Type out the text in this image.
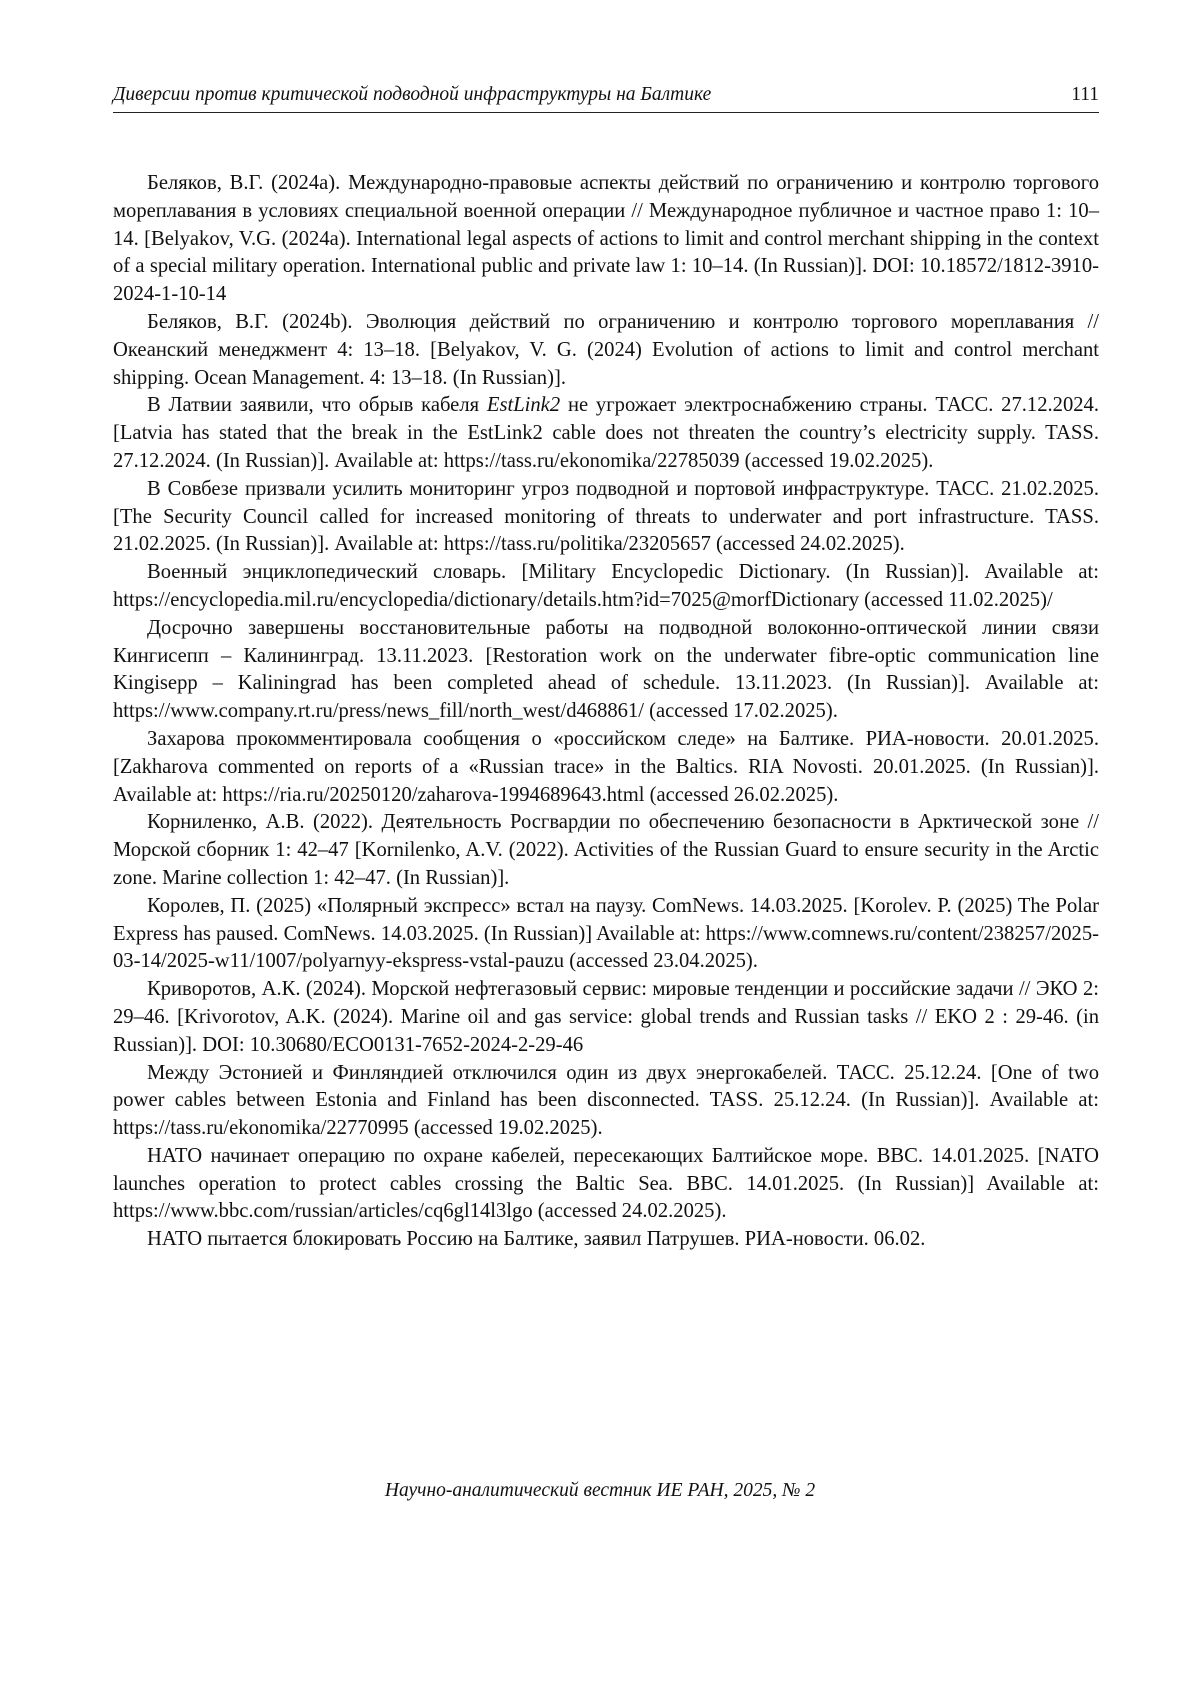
Диверсии против критической подводной инфраструктуры на Балтике	111

Беляков, В.Г. (2024a). Международно-правовые аспекты действий по ограничению и контролю торгового мореплавания в условиях специальной военной операции // Международное публичное и частное право 1: 10–14. [Belyakov, V.G. (2024a). International legal aspects of actions to limit and control merchant shipping in the context of a special military operation. International public and private law 1: 10–14. (In Russian)]. DOI: 10.18572/1812-3910-2024-1-10-14

Беляков, В.Г. (2024b). Эволюция действий по ограничению и контролю торгового мореплавания // Океанский менеджмент 4: 13–18. [Belyakov, V. G. (2024) Evolution of actions to limit and control merchant shipping. Ocean Management. 4: 13–18. (In Russian)].

В Латвии заявили, что обрыв кабеля EstLink2 не угрожает электроснабжению страны. ТАСС. 27.12.2024. [Latvia has stated that the break in the EstLink2 cable does not threaten the country’s electricity supply. TASS. 27.12.2024. (In Russian)]. Available at: https://tass.ru/ekonomika/22785039 (accessed 19.02.2025).

В Совбезе призвали усилить мониторинг угроз подводной и портовой инфраструктуре. ТАСС. 21.02.2025. [The Security Council called for increased monitoring of threats to underwater and port infrastructure. TASS. 21.02.2025. (In Russian)]. Available at: https://tass.ru/politika/23205657 (accessed 24.02.2025).

Военный энциклопедический словарь. [Military Encyclopedic Dictionary. (In Russian)]. Available at: https://encyclopedia.mil.ru/encyclopedia/dictionary/details.htm?id=7025@morfDictionary (accessed 11.02.2025)/

Досрочно завершены восстановительные работы на подводной волоконно-оптической линии связи Кингисепп – Калининград. 13.11.2023. [Restoration work on the underwater fibre-optic communication line Kingisepp – Kaliningrad has been completed ahead of schedule. 13.11.2023. (In Russian)]. Available at: https://www.company.rt.ru/press/news_fill/north_west/d468861/ (accessed 17.02.2025).

Захарова прокомментировала сообщения о «российском следе» на Балтике. РИА-новости. 20.01.2025. [Zakharova commented on reports of a «Russian trace» in the Baltics. RIA Novosti. 20.01.2025. (In Russian)]. Available at: https://ria.ru/20250120/zaharova-1994689643.html (accessed 26.02.2025).

Корниленко, А.В. (2022). Деятельность Росгвардии по обеспечению безопасности в Арктической зоне // Морской сборник 1: 42–47 [Kornilenko, A.V. (2022). Activities of the Russian Guard to ensure security in the Arctic zone. Marine collection 1: 42–47. (In Russian)].

Королев, П. (2025) «Полярный экспресс» встал на паузу. ComNews. 14.03.2025. [Korolev. P. (2025) The Polar Express has paused. ComNews. 14.03.2025. (In Russian)] Available at: https://www.comnews.ru/content/238257/2025-03-14/2025-w11/1007/polyarnyy-ekspress-vstal-pauzu (accessed 23.04.2025).

Криворотов, А.К. (2024). Морской нефтегазовый сервис: мировые тенденции и российские задачи // ЭКО 2: 29–46. [Krivorotov, A.K. (2024). Marine oil and gas service: global trends and Russian tasks // EKO 2 : 29-46. (in Russian)]. DOI: 10.30680/ECO0131-7652-2024-2-29-46

Между Эстонией и Финляндией отключился один из двух энергокабелей. ТАСС. 25.12.24. [One of two power cables between Estonia and Finland has been disconnected. TASS. 25.12.24. (In Russian)]. Available at: https://tass.ru/ekonomika/22770995 (accessed 19.02.2025).

НАТО начинает операцию по охране кабелей, пересекающих Балтийское море. BBC. 14.01.2025. [NATO launches operation to protect cables crossing the Baltic Sea. BBC. 14.01.2025. (In Russian)] Available at: https://www.bbc.com/russian/articles/cq6gl14l3lgo (accessed 24.02.2025).

НАТО пытается блокировать Россию на Балтике, заявил Патрушев. РИА-новости. 06.02.

Научно-аналитический вестник ИЕ РАН, 2025, № 2
